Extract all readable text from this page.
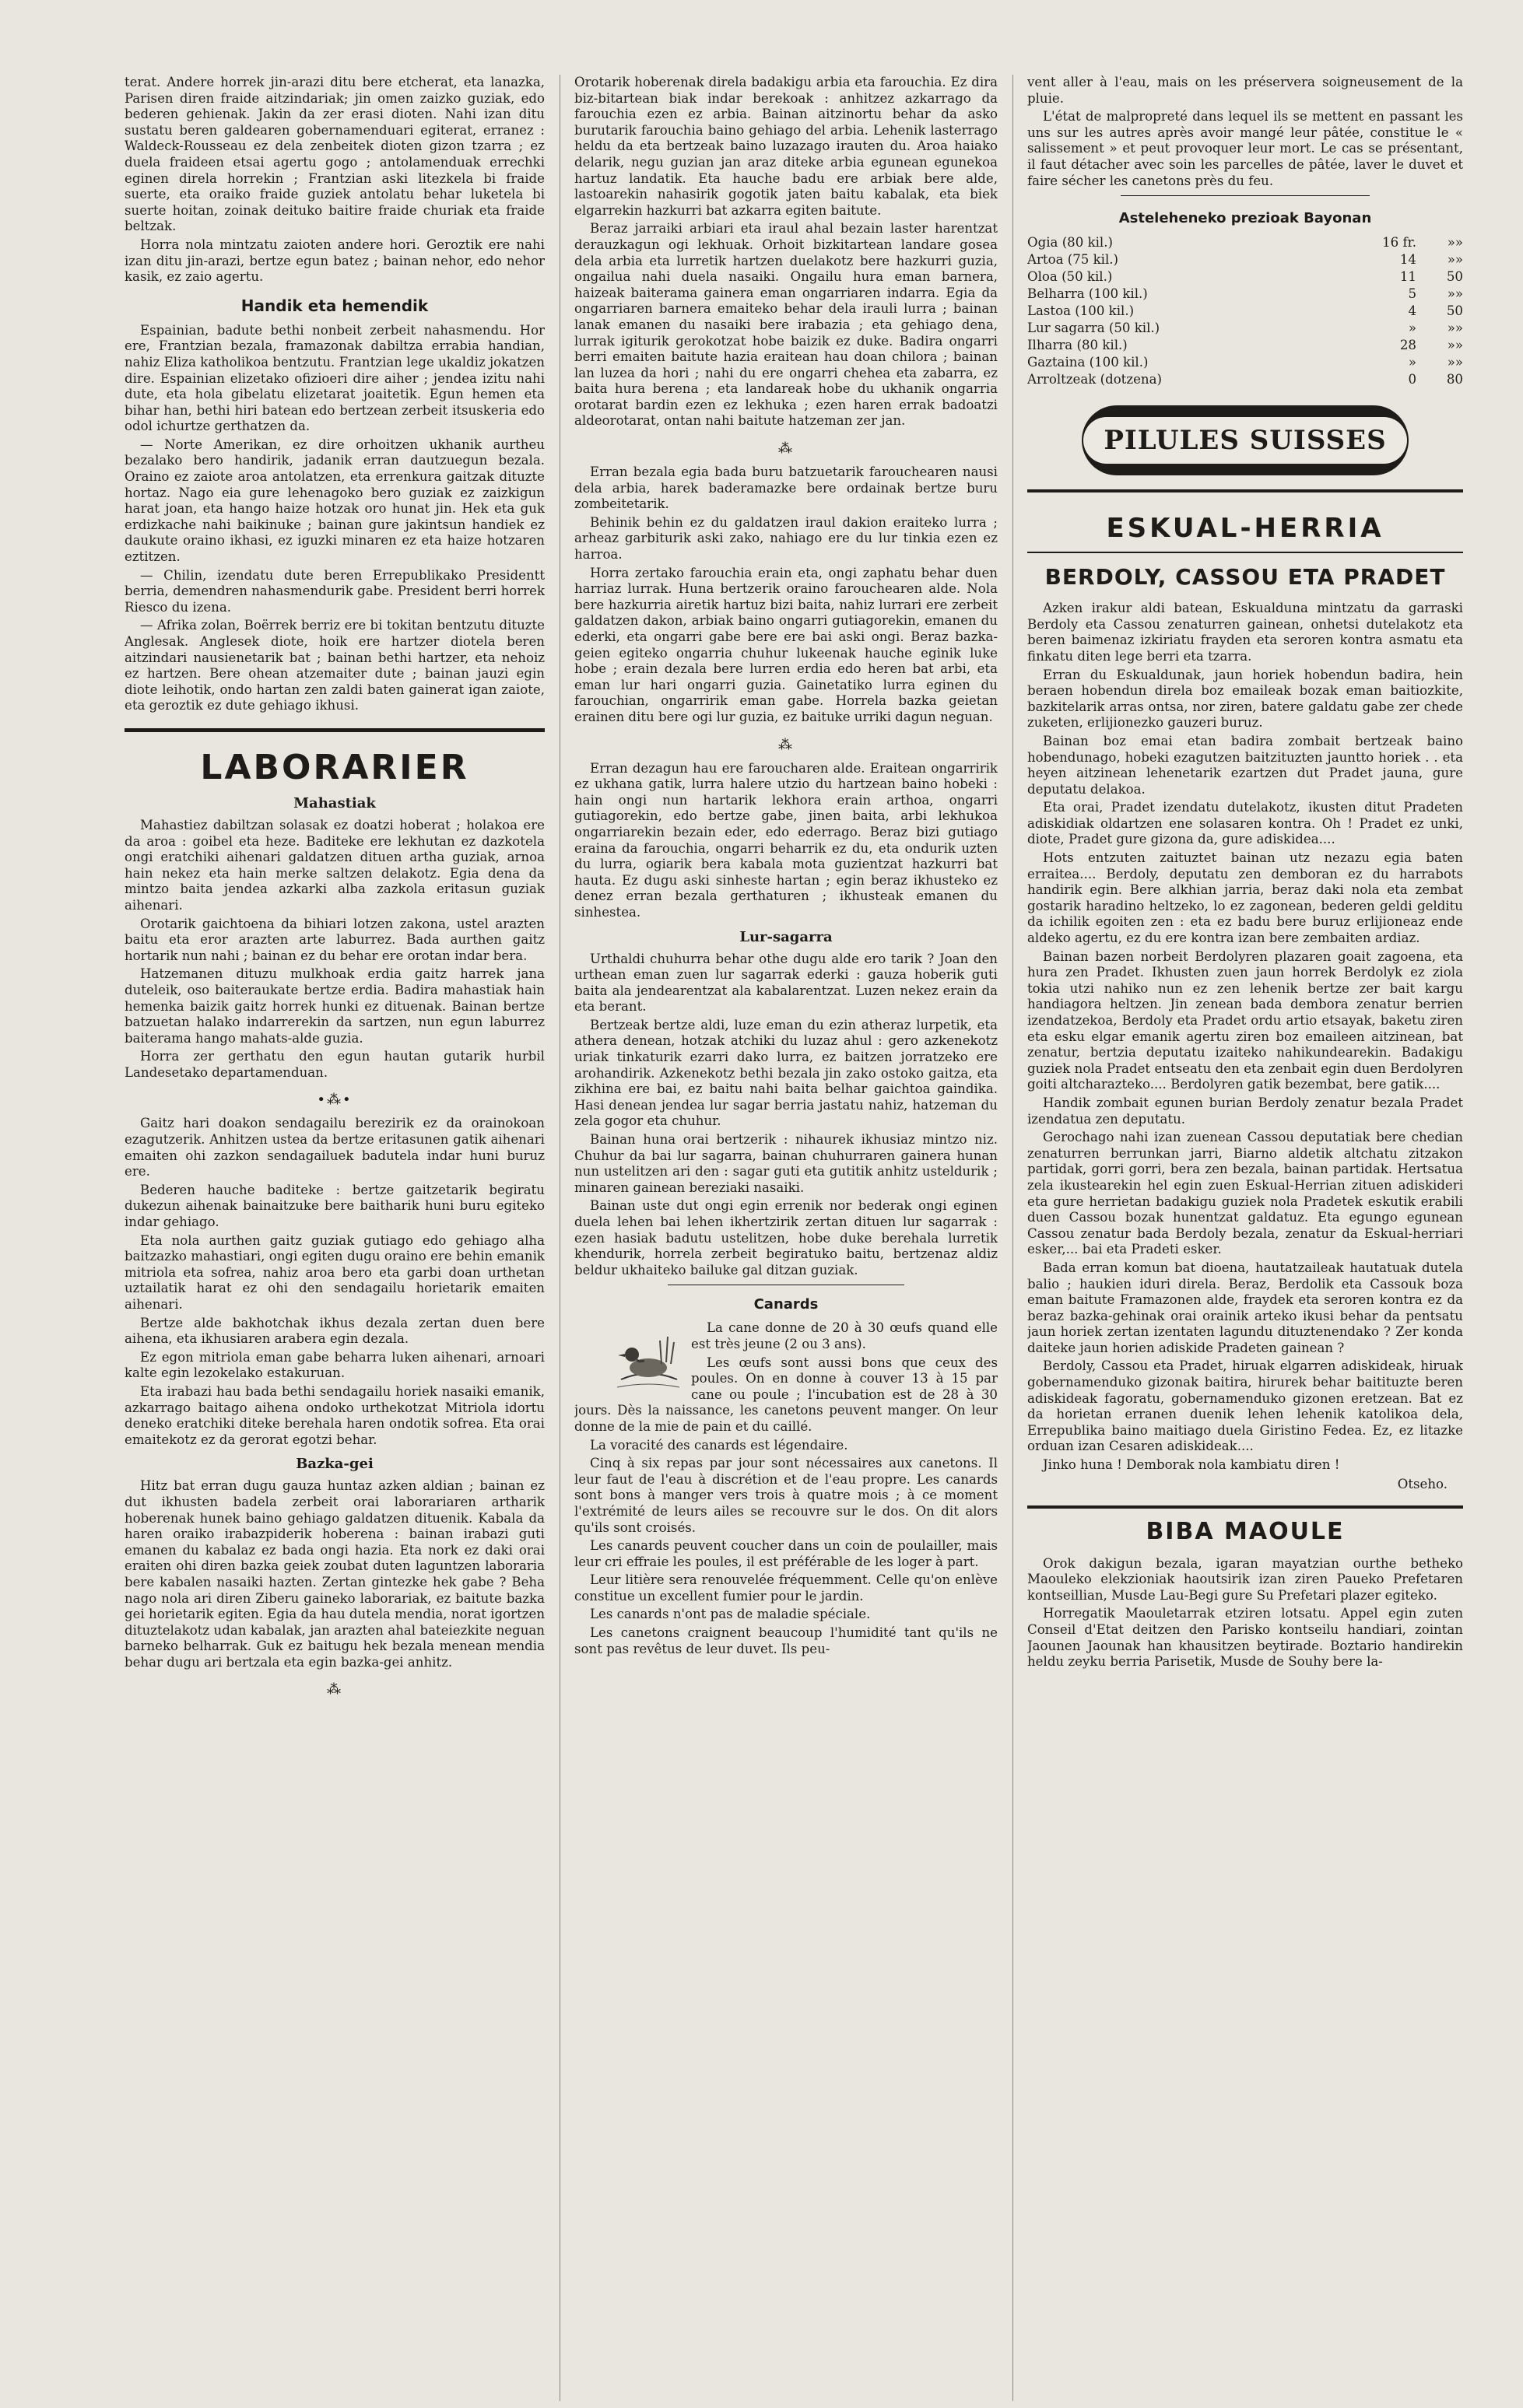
terat. Andere horrek jin-arazi ditu bere etcherat, eta lanazka, Parisen diren fraide aitzindariak; jin omen zaizko guziak, edo bederen gehienak. Jakin da zer erasi dioten. Nahi izan ditu sustatu beren galdearen gobernamenduari egiterat, erranez : Waldeck-Rousseau ez dela zenbeitek dioten gizon tzarra ; ez duela fraideen etsai agertu gogo ; antolamenduak errechki eginen direla horrekin ; Frantzian aski litezkela bi fraide suerte, eta oraiko fraide guziek antolatu behar luketela bi suerte hoitan, zoinak deituko baitire fraide churiak eta fraide beltzak.

Horra nola mintzatu zaioten andere hori. Geroztik ere nahi izan ditu jin-arazi, bertze egun batez ; bainan nehor, edo nehor kasik, ez zaio agertu.

Handik eta hemendik

Espainian, badute bethi nonbeit zerbeit nahasmendu. Hor ere, Frantzian bezala, framazonak dabiltza errabia handian, nahiz Eliza katholikoa bentzutu. Frantzian lege ukaldiz jokatzen dire. Espainian elizetako ofizioeri dire aiher ; jendea izitu nahi dute, eta hola gibelatu elizetarat joaitetik. Egun hemen eta bihar han, bethi hiri batean edo bertzean zerbeit itsuskeria edo odol ichurtze gerthatzen da.

— Norte Amerikan, ez dire orhoitzen ukhanik aurtheu bezalako bero handirik, jadanik erran dautzuegun bezala. Oraino ez zaiote aroa antolatzen, eta errenkura gaitzak dituzte hortaz. Nago eia gure lehenagoko bero guziak ez zaizkigun harat joan, eta hango haize hotzak oro hunat jin. Hek eta guk erdizkache nahi baikinuke ; bainan gure jakintsun handiek ez daukute oraino ikhasi, ez iguzki minaren ez eta haize hotzaren eztitzen.

— Chilin, izendatu dute beren Errepublikako Presidentt berria, demendren nahasmendurik gabe. President berri horrek Riesco du izena.

— Afrika zolan, Boërrek berriz ere bi tokitan bentzutu dituzte Anglesak. Anglesek diote, hoik ere hartzer diotela beren aitzindari nausienetarik bat ; bainan bethi hartzer, eta nehoiz ez hartzen. Bere ohean atzemaiter dute ; bainan jauzi egin diote leihotik, ondo hartan zen zaldi baten gainerat igan zaiote, eta geroztik ez dute gehiago ikhusi.

LABORARIER
Mahastiak

Mahastiez dabiltzan solasak ez doatzi hoberat ; holakoa ere da aroa : goibel eta heze. Baditeke ere lekhutan ez dazkotela ongi eratchiki aihenari galdatzen dituen artha guziak, arnoa hain nekez eta hain merke saltzen delakotz. Egia dena da mintzo baita jendea azkarki alba zazkola eritasun guziak aihenari.

Orotarik gaichtoena da bihiari lotzen zakona, ustel arazten baitu eta eror arazten arte laburrez. Bada aurthen gaitz hortarik nun nahi ; bainan ez du behar ere orotan indar bera.

Hatzemanen dituzu mulkhoak erdia gaitz harrek jana duteleik, oso baiteraukate bertze erdia. Badira mahastiak hain hemenka baizik gaitz horrek hunki ez dituenak. Bainan bertze batzuetan halako indarrerekin da sartzen, nun egun laburrez baiterama hango mahats-alde guzia.

Horra zer gerthatu den egun hautan gutarik hurbil Landesetako departamenduan.

•⁂•

Gaitz hari doakon sendagailu berezirik ez da orainokoan ezagutzerik. Anhitzen ustea da bertze eritasunen gatik aihenari emaiten ohi zazkon sendagailuek badutela indar huni buruz ere.

Bederen hauche baditeke : bertze gaitzetarik begiratu dukezun aihenak bainaitzuke bere baitharik huni buru egiteko indar gehiago.

Eta nola aurthen gaitz guziak gutiago edo gehiago alha baitzazko mahastiari, ongi egiten dugu oraino ere behin emanik mitriola eta sofrea, nahiz aroa bero eta garbi doan urthetan uztailatik harat ez ohi den sendagailu horietarik emaiten aihenari.

Bertze alde bakhotchak ikhus dezala zertan duen bere aihena, eta ikhusiaren arabera egin dezala.

Ez egon mitriola eman gabe beharra luken aihenari, arnoari kalte egin lezokelako estakuruan.

Eta irabazi hau bada bethi sendagailu horiek nasaiki emanik, azkarrago baitago aihena ondoko urthekotzat Mitriola idortu deneko eratchiki diteke berehala haren ondotik sofrea. Eta orai emaitekotz ez da gerorat egotzi behar.

Bazka-gei

Hitz bat erran dugu gauza huntaz azken aldian ; bainan ez dut ikhusten badela zerbeit orai laborariaren artharik hoberenak hunek baino gehiago galdatzen dituenik. Kabala da haren oraiko irabazpiderik hoberena : bainan irabazi guti emanen du kabalaz ez bada ongi hazia. Eta nork ez daki orai eraiten ohi diren bazka geiek zoubat duten laguntzen laboraria bere kabalen nasaiki hazten. Zertan gintezke hek gabe ? Beha nago nola ari diren Ziberu gaineko laborariak, ez baitute bazka gei horietarik egiten. Egia da hau dutela mendia, norat igortzen dituztelakotz udan kabalak, jan arazten ahal bateiezkite neguan barneko belharrak. Guk ez baitugu hek bezala menean mendia behar dugu ari bertzala eta egin bazka-gei anhitz.

⁂

Orotarik hoberenak direla badakigu arbia eta farouchia. Ez dira biz-bitartean biak indar berekoak : anhitzez azkarrago da farouchia ezen ez arbia. Bainan aitzinortu behar da asko burutarik farouchia baino gehiago del arbia. Lehenik lasterrago heldu da eta bertzeak baino luzazago irauten du. Aroa haiako delarik, negu guzian jan araz diteke arbia egunean egunekoa hartuz landatik. Eta hauche badu ere arbiak bere alde, lastoarekin nahasirik gogotik jaten baitu kabalak, eta biek elgarrekin hazkurri bat azkarra egiten baitute.

Beraz jarraiki arbiari eta iraul ahal bezain laster harentzat derauzkagun ogi lekhuak. Orhoit bizkitartean landare gosea dela arbia eta lurretik hartzen duelakotz bere hazkurri guzia, ongailua nahi duela nasaiki. Ongailu hura eman barnera, haizeak baiterama gainera eman ongarriaren indarra. Egia da ongarriaren barnera emaiteko behar dela irauli lurra ; bainan lanak emanen du nasaiki bere irabazia ; eta gehiago dena, lurrak igiturik gerokotzat hobe baizik ez duke. Badira ongarri berri emaiten baitute hazia eraitean hau doan chilora ; bainan lan luzea da hori ; nahi du ere ongarri chehea eta zabarra, ez baita hura berena ; eta landareak hobe du ukhanik ongarria orotarat bardin ezen ez lekhuka ; ezen haren errak badoatzi aldeorotarat, ontan nahi baitute hatzeman zer jan.

⁂

Erran bezala egia bada buru batzuetarik farouchearen nausi dela arbia, harek baderamazke bere ordainak bertze buru zombeitetarik.

Behinik behin ez du galdatzen iraul dakion eraiteko lurra ; arheaz garbiturik aski zako, nahiago ere du lur tinkia ezen ez harroa.

Horra zertako farouchia erain eta, ongi zaphatu behar duen harriaz lurrak. Huna bertzerik oraino farouchearen alde. Nola bere hazkurria airetik hartuz bizi baita, nahiz lurrari ere zerbeit galdatzen dakon, arbiak baino ongarri gutiagorekin, emanen du ederki, eta ongarri gabe bere ere bai aski ongi. Beraz bazka-geien egiteko ongarria chuhur lukeenak hauche eginik luke hobe ; erain dezala bere lurren erdia edo heren bat arbi, eta eman lur hari ongarri guzia. Gainetatiko lurra eginen du farouchian, ongarririk eman gabe. Horrela bazka geietan erainen ditu bere ogi lur guzia, ez baituke urriki dagun neguan.

⁂

Erran dezagun hau ere faroucharen alde. Eraitean ongarririk ez ukhana gatik, lurra halere utzio du hartzean baino hobeki : hain ongi nun hartarik lekhora erain arthoa, ongarri gutiagorekin, edo bertze gabe, jinen baita, arbi lekhukoa ongarriarekin bezain eder, edo ederrago. Beraz bizi gutiago eraina da farouchia, ongarri beharrik ez du, eta ondurik uzten du lurra, ogiarik bera kabala mota guzientzat hazkurri bat hauta. Ez dugu aski sinheste hartan ; egin beraz ikhusteko ez denez erran bezala gerthaturen ; ikhusteak emanen du sinhestea.

Lur-sagarra

Urthaldi chuhurra behar othe dugu alde ero tarik ? Joan den urthean eman zuen lur sagarrak ederki : gauza hoberik guti baita ala jendearentzat ala kabalarentzat. Luzen nekez erain da eta berant.

Bertzeak bertze aldi, luze eman du ezin atheraz lurpetik, eta athera denean, hotzak atchiki du luzaz ahul : gero azkenekotz uriak tinkaturik ezarri dako lurra, ez baitzen jorratzeko ere arohandirik. Azkenekotz bethi bezala jin zako ostoko gaitza, eta zikhina ere bai, ez baitu nahi baita belhar gaichtoa gaindika. Hasi denean jendea lur sagar berria jastatu nahiz, hatzeman du zela gogor eta chuhur.

Bainan huna orai bertzerik : nihaurek ikhusiaz mintzo niz. Chuhur da bai lur sagarra, bainan chuhurraren gainera hunan nun ustelitzen ari den : sagar guti eta gutitik anhitz usteldurik ; minaren gainean bereziaki nasaiki.

Bainan uste dut ongi egin errenik nor bederak ongi eginen duela lehen bai lehen ikhertzirik zertan dituen lur sagarrak : ezen hasiak badutu ustelitzen, hobe duke berehala lurretik khendurik, horrela zerbeit begiratuko baitu, bertzenaz aldiz beldur ukhaiteko bailuke gal ditzan guziak.

Canards

La cane donne de 20 à 30 œufs quand elle est très jeune (2 ou 3 ans).

Les œufs sont aussi bons que ceux des poules. On en donne à couver 13 à 15 par cane ou poule ; l'incubation est de 28 à 30 jours. Dès la naissance, les canetons peuvent manger. On leur donne de la mie de pain et du caillé.

La voracité des canards est légendaire.

Cinq à six repas par jour sont nécessaires aux canetons. Il leur faut de l'eau à discrétion et de l'eau propre. Les canards sont bons à manger vers trois à quatre mois ; à ce moment l'extrémité de leurs ailes se recouvre sur le dos. On dit alors qu'ils sont croisés.

Les canards peuvent coucher dans un coin de poulailler, mais leur cri effraie les poules, il est préférable de les loger à part.

Leur litière sera renouvelée fréquemment. Celle qu'on enlève constitue un excellent fumier pour le jardin.

Les canards n'ont pas de maladie spéciale.

Les canetons craignent beaucoup l'humidité tant qu'ils ne sont pas revêtus de leur duvet. Ils peu-

vent aller à l'eau, mais on les préservera soigneusement de la pluie.

L'état de malpropreté dans lequel ils se mettent en passant les uns sur les autres après avoir mangé leur pâtée, constitue le « salissement » et peut provoquer leur mort. Le cas se présentant, il faut détacher avec soin les parcelles de pâtée, laver le duvet et faire sécher les canetons près du feu.

Asteleheneko prezioak Bayonan
Ogia (80 kil.)	16 fr.	»»
Artoa (75 kil.)	14	»»
Oloa (50 kil.)	11	50
Belharra (100 kil.)	5	»»
Lastoa (100 kil.)	4	50
Lur sagarra (50 kil.)	»	»»
Ilharra (80 kil.)	28	»»
Gaztaina (100 kil.)	»	»»
Arroltzeak (dotzena)	0	80
PILULES SUISSES
ESKUAL-HERRIA
BERDOLY, CASSOU ETA PRADET

Azken irakur aldi batean, Eskualduna mintzatu da garraski Berdoly eta Cassou zenaturren gainean, onhetsi dutelakotz eta beren baimenaz izkiriatu frayden eta seroren kontra asmatu eta finkatu diten lege berri eta tzarra.

Erran du Eskualdunak, jaun horiek hobendun badira, hein beraen hobendun direla boz emaileak bozak eman baitiozkite, bazkitelarik arras ontsa, nor ziren, batere galdatu gabe zer chede zuketen, erlijionezko gauzeri buruz.

Bainan boz emai etan badira zombait bertzeak baino hobendunago, hobeki ezagutzen baitzituzten jauntto horiek . . eta heyen aitzinean lehenetarik ezartzen dut Pradet jauna, gure deputatu delakoa.

Eta orai, Pradet izendatu dutelakotz, ikusten ditut Pradeten adiskidiak oldartzen ene solasaren kontra. Oh ! Pradet ez unki, diote, Pradet gure gizona da, gure adiskidea....

Hots entzuten zaituztet bainan utz nezazu egia baten erraitea.... Berdoly, deputatu zen demboran ez du harrabots handirik egin. Bere alkhian jarria, beraz daki nola eta zembat gostarik haradino heltzeko, lo ez zagonean, bederen geldi gelditu da ichilik egoiten zen : eta ez badu bere buruz erlijioneaz ende aldeko agertu, ez du ere kontra izan bere zembaiten ardiaz.

Bainan bazen norbeit Berdolyren plazaren goait zagoena, eta hura zen Pradet. Ikhusten zuen jaun horrek Berdolyk ez ziola tokia utzi nahiko nun ez zen lehenik bertze zer bait kargu handiagora heltzen. Jin zenean bada dembora zenatur berrien izendatzekoa, Berdoly eta Pradet ordu artio etsayak, baketu ziren eta esku elgar emanik agertu ziren boz emaileen aitzinean, bat zenatur, bertzia deputatu izaiteko nahikundearekin. Badakigu guziek nola Pradet entseatu den eta zenbait egin duen Berdolyren goiti altcharazteko.... Berdolyren gatik bezembat, bere gatik....

Handik zombait egunen burian Berdoly zenatur bezala Pradet izendatua zen deputatu.

Gerochago nahi izan zuenean Cassou deputatiak bere chedian zenaturren berrunkan jarri, Biarno aldetik altchatu zitzakon partidak, gorri gorri, bera zen bezala, bainan partidak. Hertsatua zela ikustearekin hel egin zuen Eskual-Herrian zituen adiskideri eta gure herrietan badakigu guziek nola Pradetek eskutik erabili duen Cassou bozak hunentzat galdatuz. Eta egungo egunean Cassou zenatur bada Berdoly bezala, zenatur da Eskual-herriari esker,... bai eta Pradeti esker.

Bada erran komun bat dioena, hautatzaileak hautatuak dutela balio ; haukien iduri direla. Beraz, Berdolik eta Cassouk boza eman baitute Framazonen alde, fraydek eta seroren kontra ez da beraz bazka-gehinak orai orainik arteko ikusi behar da pentsatu jaun horiek zertan izentaten lagundu dituztenendako ? Zer konda daiteke jaun horien adiskide Pradeten gainean ?

Berdoly, Cassou eta Pradet, hiruak elgarren adiskideak, hiruak gobernamenduko gizonak baitira, hirurek behar baitituzte beren adiskideak fagoratu, gobernamenduko gizonen eretzean. Bat ez da horietan erranen duenik lehen lehenik katolikoa dela, Errepublika baino maitiago duela Giristino Fedea. Ez, ez litazke orduan izan Cesaren adiskideak....

Jinko huna ! Demborak nola kambiatu diren !

Otseho.
BIBA MAOULE

Orok dakigun bezala, igaran mayatzian ourthe betheko Maouleko elekzioniak haoutsirik izan ziren Paueko Prefetaren kontseillian, Musde Lau-Begi gure Su Prefetari plazer egiteko.

Horregatik Maouletarrak etziren lotsatu. Appel egin zuten Conseil d'Etat deitzen den Parisko kontseilu handiari, zointan Jaounen Jaounak han khausitzen beytirade. Boztario handirekin heldu zeyku berria Parisetik, Musde de Souhy bere la-
